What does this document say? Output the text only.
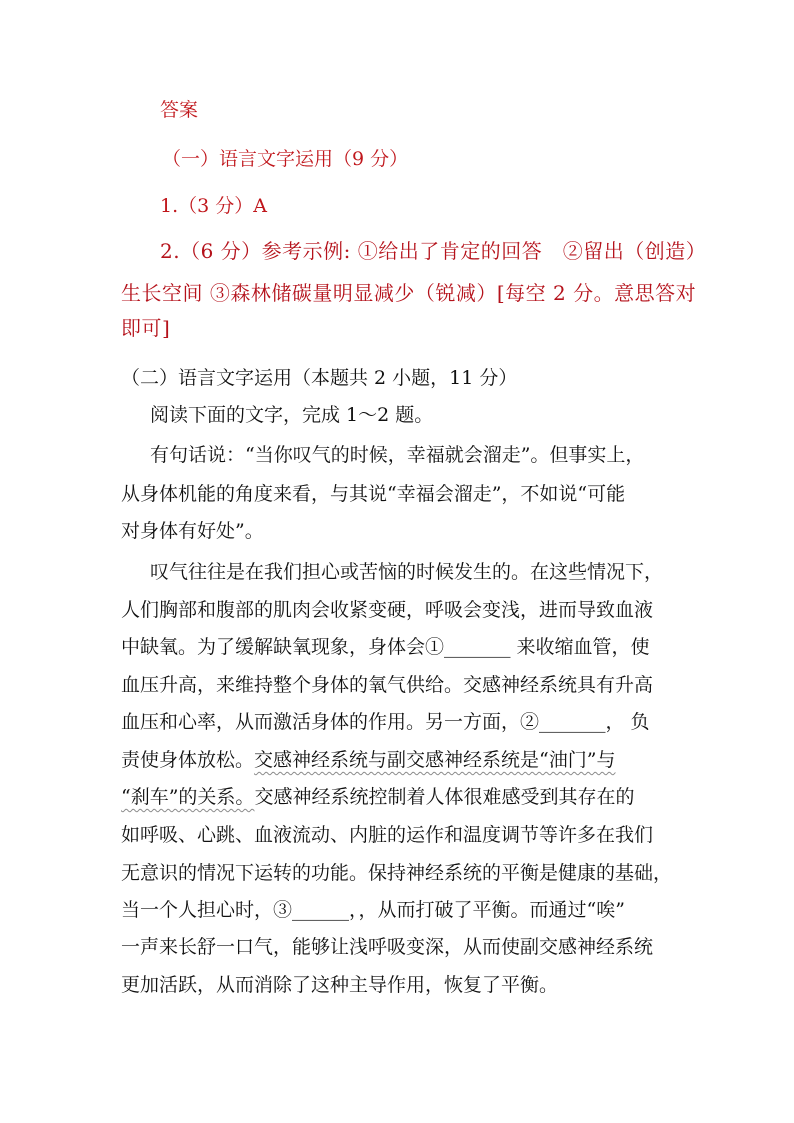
答案
（一）语言文字运用（9 分）
1.（3 分）A
2.（6 分）参考示例: ①给出了肯定的回答　②留出（创造）
生长空间 ③森林储碳量明显减少（锐减）[每空 2 分。意思答对
即可]
（二）语言文字运用（本题共 2 小题，11 分）
阅读下面的文字，完成 1～2 题。
有句话说：“当你叹气的时候，幸福就会溜走”。但事实上，
从身体机能的角度来看，与其说“幸福会溜走”，不如说“可能
对身体有好处”。
叹气往往是在我们担心或苦恼的时候发生的。在这些情况下，
人们胸部和腹部的肌肉会收紧变硬，呼吸会变浅，进而导致血液
中缺氧。为了缓解缺氧现象，身体会①_______ 来收缩血管，使
血压升高，来维持整个身体的氧气供给。交感神经系统具有升高
血压和心率，从而激活身体的作用。另一方面，②_______， 负
责使身体放松。交感神经系统与副交感神经系统是“油门”与
“刹车”的关系。交感神经系统控制着人体很难感受到其存在的
如呼吸、心跳、血液流动、内脏的运作和温度调节等许多在我们
无意识的情况下运转的功能。保持神经系统的平衡是健康的基础，
当一个人担心时，③______，，从而打破了平衡。而通过“唉”
一声来长舒一口气，能够让浅呼吸变深，从而使副交感神经系统
更加活跃，从而消除了这种主导作用，恢复了平衡。
